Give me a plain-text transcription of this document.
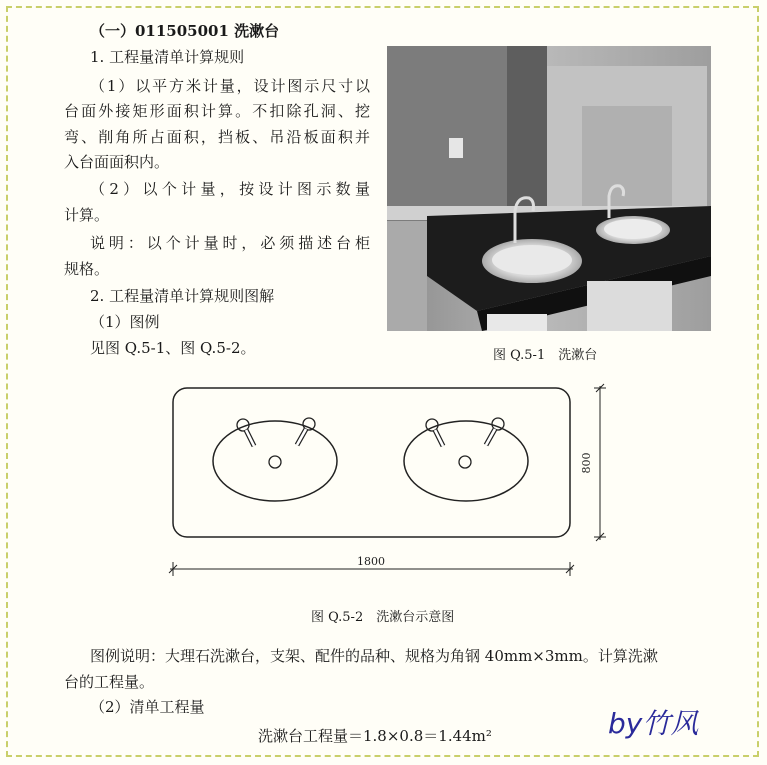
（一）011505001 洗漱台
1. 工程量清单计算规则
（1）以平方米计量，设计图示尺寸以
台面外接矩形面积计算。不扣除孔洞、挖
弯、削角所占面积，挡板、吊沿板面积并
入台面面积内。
（2）以个计量，按设计图示数量
计算。
说明：以个计量时，必须描述台柜
规格。
2. 工程量清单计算规则图解
（1）图例
见图 Q.5-1、图 Q.5-2。	图 Q.5-1　洗漱台
800
1800
图 Q.5-2　洗漱台示意图
图例说明：大理石洗漱台，支架、配件的品种、规格为角钢 40mm×3mm。计算洗漱
台的工程量。
（2）清单工程量
洗漱台工程量＝1.8×0.8＝1.44m²	by竹风
